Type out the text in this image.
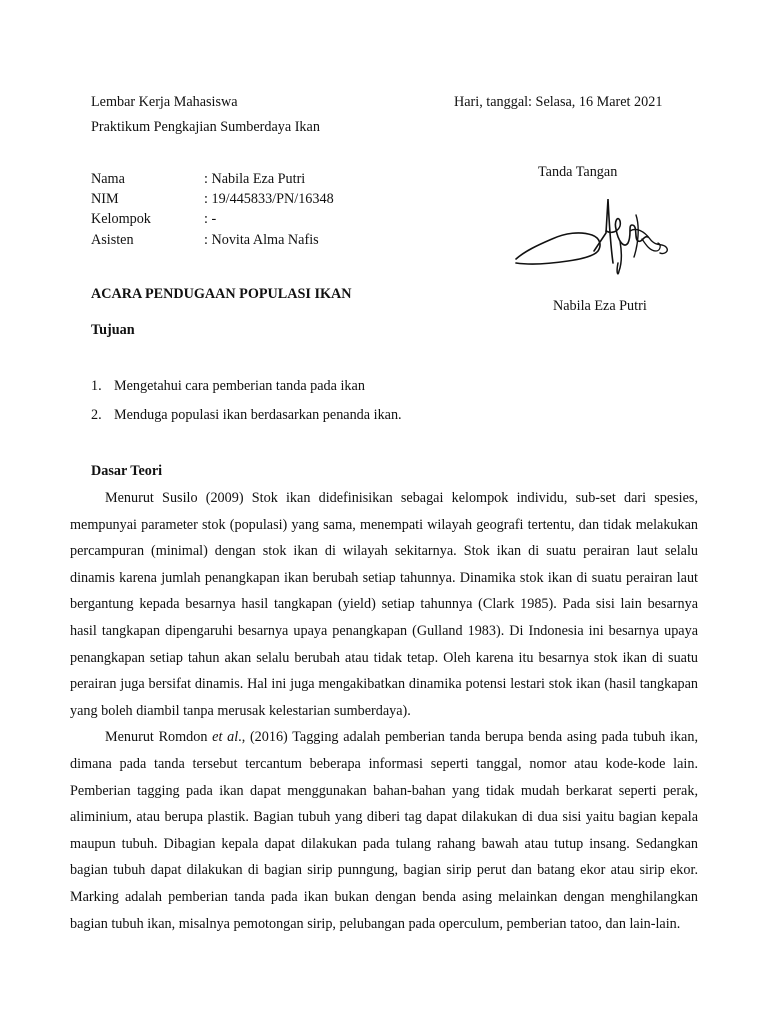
Lembar Kerja Mahasiswa
Praktikum Pengkajian Sumberdaya Ikan
Hari, tanggal: Selasa, 16 Maret 2021
Nama	: Nabila Eza Putri
NIM	: 19/445833/PN/16348
Kelompok	: -
Asisten	: Novita Alma Nafis
Tanda Tangan
Nabila Eza Putri
ACARA PENDUGAAN POPULASI IKAN
Tujuan
1. Mengetahui cara pemberian tanda pada ikan
2. Menduga populasi ikan berdasarkan penanda ikan.
Dasar Teori

Menurut Susilo (2009) Stok ikan didefinisikan sebagai kelompok individu, sub-set dari spesies, mempunyai parameter stok (populasi) yang sama, menempati wilayah geografi tertentu, dan tidak melakukan percampuran (minimal) dengan stok ikan di wilayah sekitarnya. Stok ikan di suatu perairan laut selalu dinamis karena jumlah penangkapan ikan berubah setiap tahunnya. Dinamika stok ikan di suatu perairan laut bergantung kepada besarnya hasil tangkapan (yield) setiap tahunnya (Clark 1985). Pada sisi lain besarnya hasil tangkapan dipengaruhi besarnya upaya penangkapan (Gulland 1983). Di Indonesia ini besarnya upaya penangkapan setiap tahun akan selalu berubah atau tidak tetap. Oleh karena itu besarnya stok ikan di suatu perairan juga bersifat dinamis. Hal ini juga mengakibatkan dinamika potensi lestari stok ikan (hasil tangkapan yang boleh diambil tanpa merusak kelestarian sumberdaya).

Menurut Romdon et al., (2016) Tagging adalah pemberian tanda berupa benda asing pada tubuh ikan, dimana pada tanda tersebut tercantum beberapa informasi seperti tanggal, nomor atau kode-kode lain. Pemberian tagging pada ikan dapat menggunakan bahan-bahan yang tidak mudah berkarat seperti perak, aliminium, atau berupa plastik. Bagian tubuh yang diberi tag dapat dilakukan di dua sisi yaitu bagian kepala maupun tubuh. Dibagian kepala dapat dilakukan pada tulang rahang bawah atau tutup insang. Sedangkan bagian tubuh dapat dilakukan di bagian sirip punngung, bagian sirip perut dan batang ekor atau sirip ekor. Marking adalah pemberian tanda pada ikan bukan dengan benda asing melainkan dengan menghilangkan bagian tubuh ikan, misalnya pemotongan sirip, pelubangan pada operculum, pemberian tatoo, dan lain-lain.
